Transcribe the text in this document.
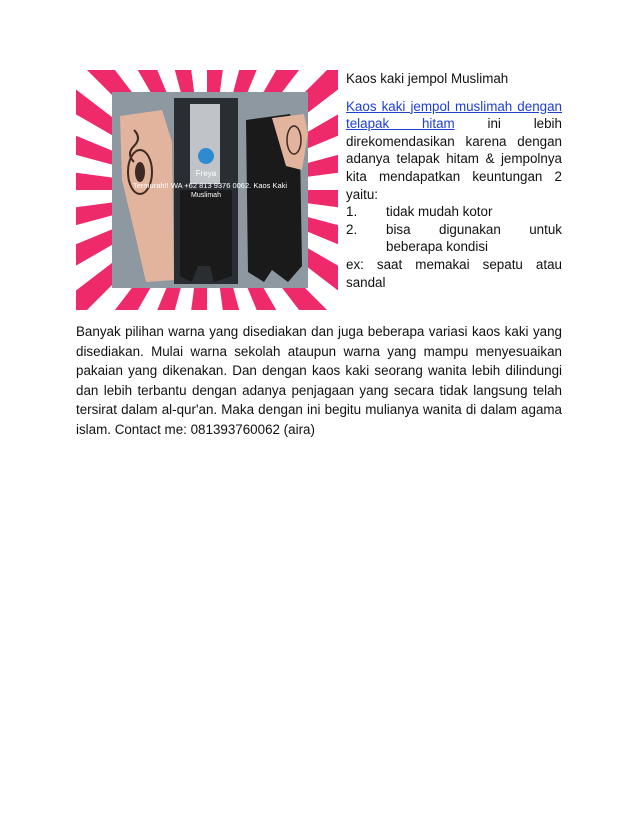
Freya
Termurah!! WA +62 813 9376 0062. Kaos Kaki
Muslimah
Kaos kaki jempol Muslimah

Kaos kaki jempol muslimah dengan telapak hitam ini lebih direkomendasikan karena dengan adanya telapak hitam & jempolnya kita mendapatkan keuntungan 2 yaitu:

1.	tidak mudah kotor
2.	bisa digunakan untuk beberapa kondisi

ex: saat memakai sepatu atau sandal

Banyak pilihan warna yang disediakan dan juga beberapa variasi kaos kaki yang disediakan. Mulai warna sekolah ataupun warna yang mampu menyesuaikan pakaian yang dikenakan. Dan dengan kaos kaki seorang wanita lebih dilindungi dan lebih terbantu dengan adanya penjagaan yang secara tidak langsung telah tersirat dalam al-qur'an. Maka dengan ini begitu mulianya wanita di dalam agama islam. Contact me: 081393760062 (aira)
